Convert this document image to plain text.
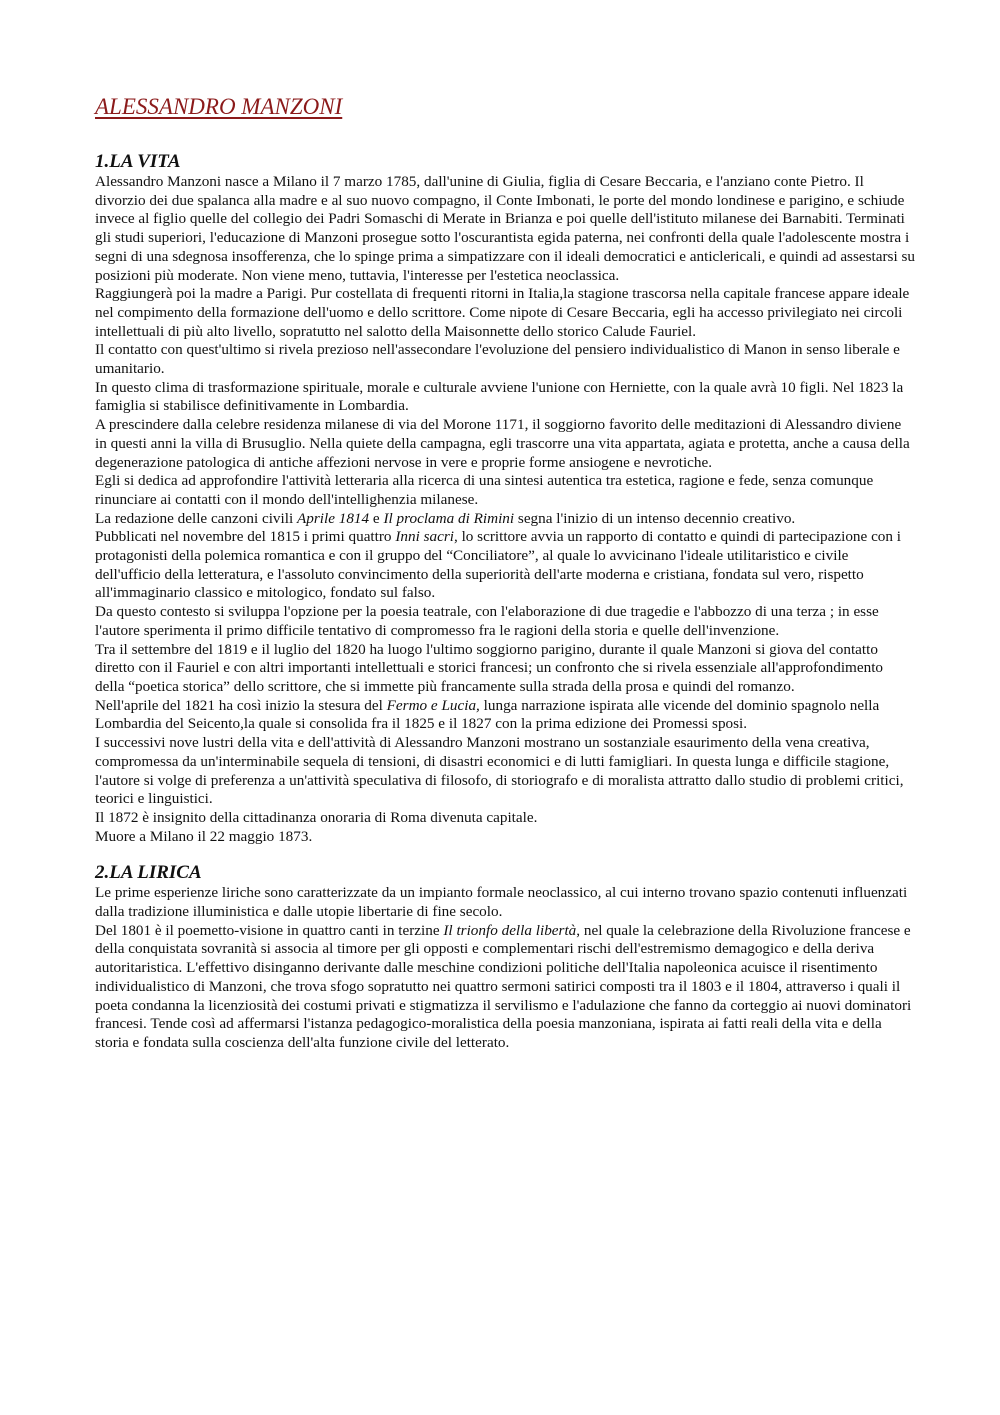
ALESSANDRO MANZONI
1.LA VITA

Alessandro Manzoni nasce a Milano il 7 marzo 1785, dall'unine di Giulia, figlia di Cesare Beccaria, e l'anziano conte Pietro. Il divorzio dei due spalanca alla madre e al suo nuovo compagno, il Conte Imbonati, le porte del mondo londinese e parigino, e schiude invece al figlio quelle del collegio dei Padri Somaschi di Merate in Brianza e poi quelle dell'istituto milanese dei Barnabiti. Terminati gli studi superiori, l'educazione di Manzoni prosegue sotto l'oscurantista egida paterna, nei confronti della quale l'adolescente mostra i segni di una sdegnosa insofferenza, che lo spinge prima a simpatizzare con il ideali democratici e anticlericali, e quindi ad assestarsi su posizioni più moderate. Non viene meno, tuttavia, l'interesse per l'estetica neoclassica.

Raggiungerà poi la madre a Parigi. Pur costellata di frequenti ritorni in Italia,la stagione trascorsa nella capitale francese appare ideale nel compimento della formazione dell'uomo e dello scrittore. Come nipote di Cesare Beccaria, egli ha accesso privilegiato nei circoli intellettuali di più alto livello, sopratutto nel salotto della Maisonnette dello storico Calude Fauriel.

Il contatto con quest'ultimo si rivela prezioso nell'assecondare l'evoluzione del pensiero individualistico di Manon in senso liberale e umanitario.

In questo clima di trasformazione spirituale, morale e culturale avviene l'unione con Herniette, con la quale avrà 10 figli. Nel 1823 la famiglia si stabilisce definitivamente in Lombardia.

A prescindere dalla celebre residenza milanese di via del Morone 1171, il soggiorno favorito delle meditazioni di Alessandro diviene in questi anni la villa di Brusuglio. Nella quiete della campagna, egli trascorre una vita appartata, agiata e protetta, anche a causa della degenerazione patologica di antiche affezioni nervose in vere e proprie forme ansiogene e nevrotiche.

Egli si dedica ad approfondire l'attività letteraria alla ricerca di una sintesi autentica tra estetica, ragione e fede, senza comunque rinunciare ai contatti con il mondo dell'intellighenzia milanese.

La redazione delle canzoni civili Aprile 1814 e Il proclama di Rimini segna l'inizio di un intenso decennio creativo.

Pubblicati nel novembre del 1815 i primi quattro Inni sacri, lo scrittore avvia un rapporto di contatto e quindi di partecipazione con i protagonisti della polemica romantica e con il gruppo del “Conciliatore”, al quale lo avvicinano l'ideale utilitaristico e civile dell'ufficio della letteratura, e l'assoluto convincimento della superiorità dell'arte moderna e cristiana, fondata sul vero, rispetto all'immaginario classico e mitologico, fondato sul falso.

Da questo contesto si sviluppa l'opzione per la poesia teatrale, con l'elaborazione di due tragedie e l'abbozzo di una terza ; in esse l'autore sperimenta il primo difficile tentativo di compromesso fra le ragioni della storia e quelle dell'invenzione.

Tra il settembre del 1819 e il luglio del 1820 ha luogo l'ultimo soggiorno parigino, durante il quale Manzoni si giova del contatto diretto con il Fauriel e con altri importanti intellettuali e storici francesi; un confronto che si rivela essenziale all'approfondimento della “poetica storica” dello scrittore, che si immette più francamente sulla strada della prosa e quindi del romanzo.

Nell'aprile del 1821 ha così inizio la stesura del Fermo e Lucia, lunga narrazione ispirata alle vicende del dominio spagnolo nella Lombardia del Seicento,la quale si consolida fra il 1825 e il 1827 con la prima edizione dei Promessi sposi.

I successivi nove lustri della vita e dell'attività di Alessandro Manzoni mostrano un sostanziale esaurimento della vena creativa, compromessa da un'interminabile sequela di tensioni, di disastri economici e di lutti famigliari. In questa lunga e difficile stagione, l'autore si volge di preferenza a un'attività speculativa di filosofo, di storiografo e di moralista attratto dallo studio di problemi critici, teorici e linguistici.

Il 1872 è insignito della cittadinanza onoraria di Roma divenuta capitale.

Muore a Milano il 22 maggio 1873.

2.LA LIRICA

Le prime esperienze liriche sono caratterizzate da un impianto formale neoclassico, al cui interno trovano spazio contenuti influenzati dalla tradizione illuministica e dalle utopie libertarie di fine secolo.

Del 1801 è il poemetto-visione in quattro canti in terzine Il trionfo della libertà, nel quale la celebrazione della Rivoluzione francese e della conquistata sovranità si associa al timore per gli opposti e complementari rischi dell'estremismo demagogico e della deriva autoritaristica. L'effettivo disinganno derivante dalle meschine condizioni politiche dell'Italia napoleonica acuisce il risentimento individualistico di Manzoni, che trova sfogo sopratutto nei quattro sermoni satirici composti tra il 1803 e il 1804, attraverso i quali il poeta condanna la licenziosità dei costumi privati e stigmatizza il servilismo e l'adulazione che fanno da corteggio ai nuovi dominatori francesi. Tende così ad affermarsi l'istanza pedagogico-moralistica della poesia manzoniana, ispirata ai fatti reali della vita e della storia e fondata sulla coscienza dell'alta funzione civile del letterato.
